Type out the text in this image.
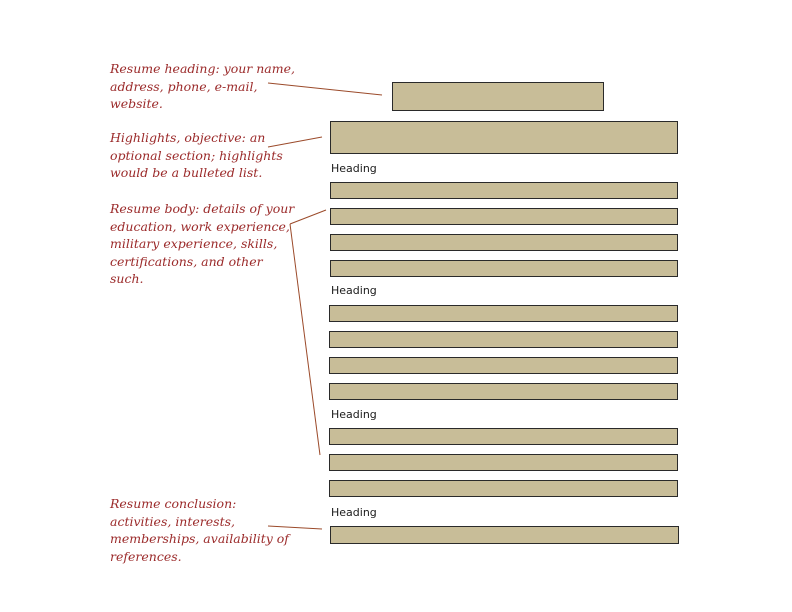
Resume heading: your name, address, phone, e-mail, website.
Highlights, objective: an optional section; highlights would be a bulleted list.
Resume body: details of your education, work experience, military experience, skills, certifications, and other such.
Resume conclusion: activities, interests, memberships, availability of references.
Heading
Heading
Heading
Heading
